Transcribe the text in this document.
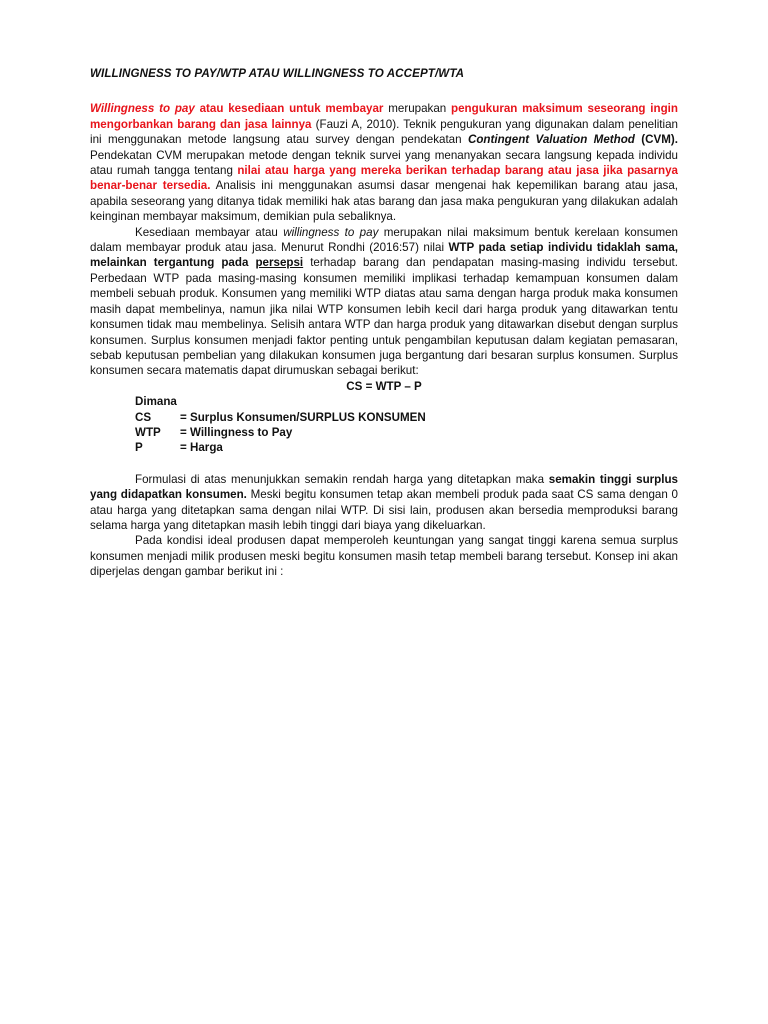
WILLINGNESS TO PAY/WTP ATAU WILLINGNESS TO ACCEPT/WTA

Willingness to pay atau kesediaan untuk membayar merupakan pengukuran maksimum seseorang ingin mengorbankan barang dan jasa lainnya (Fauzi A, 2010). Teknik pengukuran yang digunakan dalam penelitian ini menggunakan metode langsung atau survey dengan pendekatan Contingent Valuation Method (CVM). Pendekatan CVM merupakan metode dengan teknik survei yang menanyakan secara langsung kepada individu atau rumah tangga tentang nilai atau harga yang mereka berikan terhadap barang atau jasa jika pasarnya benar-benar tersedia. Analisis ini menggunakan asumsi dasar mengenai hak kepemilikan barang atau jasa, apabila seseorang yang ditanya tidak memiliki hak atas barang dan jasa maka pengukuran yang dilakukan adalah keinginan membayar maksimum, demikian pula sebaliknya.

Kesediaan membayar atau willingness to pay merupakan nilai maksimum bentuk kerelaan konsumen dalam membayar produk atau jasa. Menurut Rondhi (2016:57) nilai WTP pada setiap individu tidaklah sama, melainkan tergantung pada persepsi terhadap barang dan pendapatan masing-masing individu tersebut. Perbedaan WTP pada masing-masing konsumen memiliki implikasi terhadap kemampuan konsumen dalam membeli sebuah produk. Konsumen yang memiliki WTP diatas atau sama dengan harga produk maka konsumen masih dapat membelinya, namun jika nilai WTP konsumen lebih kecil dari harga produk yang ditawarkan tentu konsumen tidak mau membelinya. Selisih antara WTP dan harga produk yang ditawarkan disebut dengan surplus konsumen. Surplus konsumen menjadi faktor penting untuk pengambilan keputusan dalam kegiatan pemasaran, sebab keputusan pembelian yang dilakukan konsumen juga bergantung dari besaran surplus konsumen. Surplus konsumen secara matematis dapat dirumuskan sebagai berikut:

CS = WTP – P

Dimana
CS	= Surplus Konsumen/SURPLUS KONSUMEN
WTP	= Willingness to Pay
P	= Harga

Formulasi di atas menunjukkan semakin rendah harga yang ditetapkan maka semakin tinggi surplus yang didapatkan konsumen. Meski begitu konsumen tetap akan membeli produk pada saat CS sama dengan 0 atau harga yang ditetapkan sama dengan nilai WTP. Di sisi lain, produsen akan bersedia memproduksi barang selama harga yang ditetapkan masih lebih tinggi dari biaya yang dikeluarkan.

Pada kondisi ideal produsen dapat memperoleh keuntungan yang sangat tinggi karena semua surplus konsumen menjadi milik produsen meski begitu konsumen masih tetap membeli barang tersebut. Konsep ini akan diperjelas dengan gambar berikut ini :
